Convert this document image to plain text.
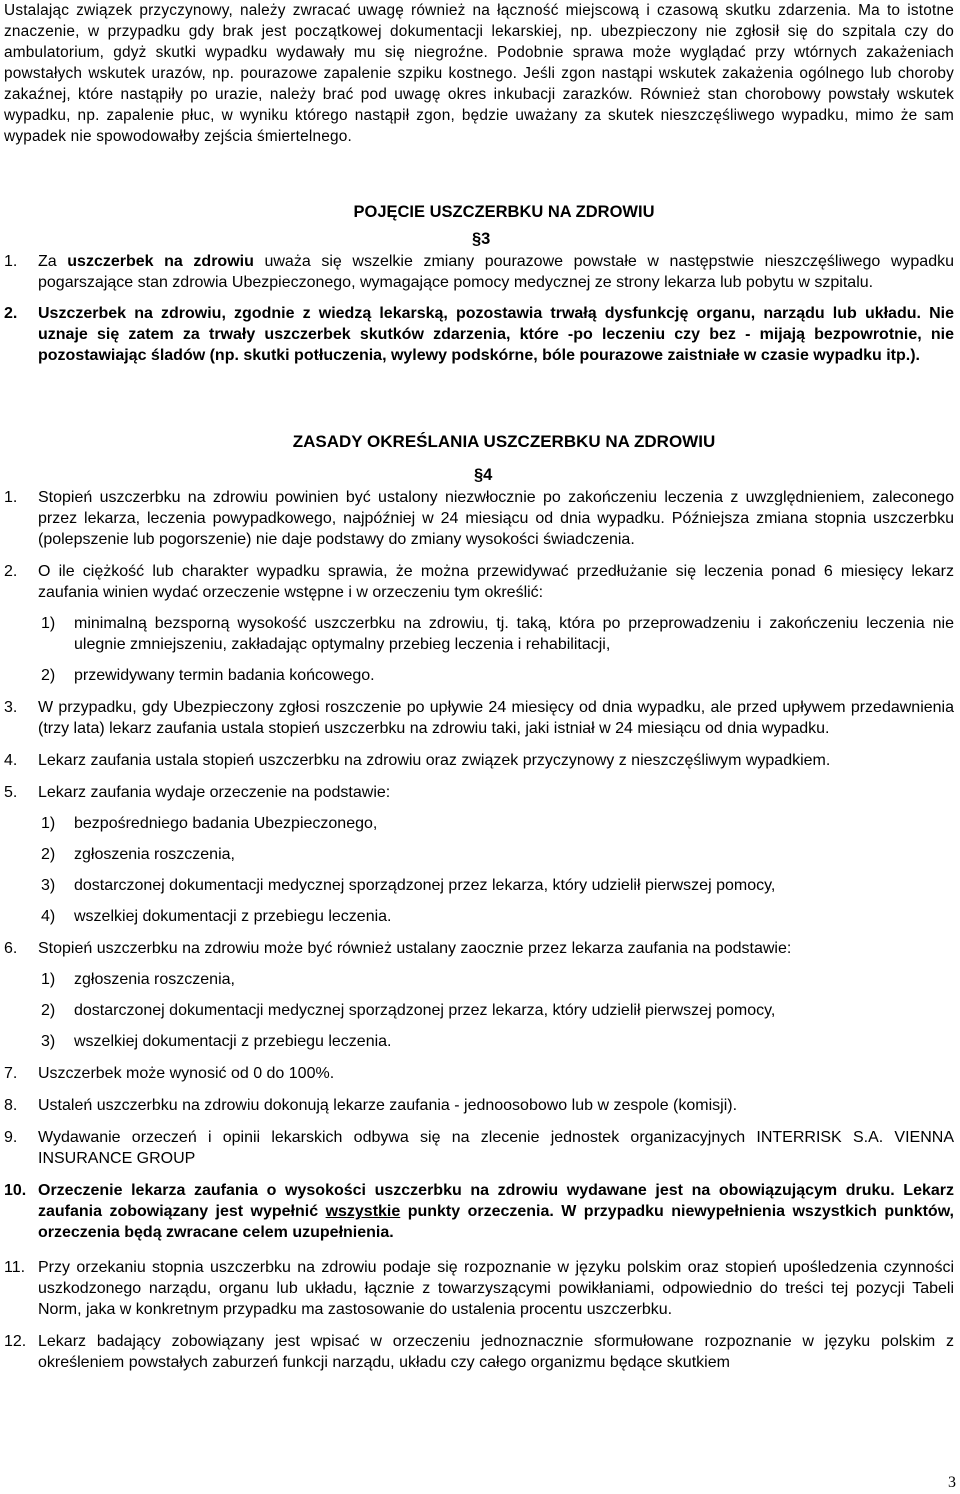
Ustalając związek przyczynowy, należy zwracać uwagę również na łączność miejscową i czasową skutku zdarzenia. Ma to istotne znaczenie, w przypadku gdy brak jest początkowej dokumentacji lekarskiej, np. ubezpieczony nie zgłosił się do szpitala czy do ambulatorium, gdyż skutki wypadku wydawały mu się niegroźne. Podobnie sprawa może wyglądać przy wtórnych zakażeniach powstałych wskutek urazów, np. pourazowe zapalenie szpiku kostnego. Jeśli zgon nastąpi wskutek zakażenia ogólnego lub choroby zakaźnej, które nastąpiły po urazie, należy brać pod uwagę okres inkubacji zarazków. Również stan chorobowy powstały wskutek wypadku, np. zapalenie płuc, w wyniku którego nastąpił zgon, będzie uważany za skutek nieszczęśliwego wypadku, mimo że sam wypadek nie spowodowałby zejścia śmiertelnego.

POJĘCIE USZCZERBKU NA ZDROWIU

§3

1. Za uszczerbek na zdrowiu uważa się wszelkie zmiany pourazowe powstałe w następstwie nieszczęśliwego wypadku pogarszające stan zdrowia Ubezpieczonego, wymagające pomocy medycznej ze strony lekarza lub pobytu w szpitalu.
2. Uszczerbek na zdrowiu, zgodnie z wiedzą lekarską, pozostawia trwałą dysfunkcję organu, narządu lub układu. Nie uznaje się zatem za trwały uszczerbek skutków zdarzenia, które -po leczeniu czy bez - mijają bezpowrotnie, nie pozostawiając śladów (np. skutki potłuczenia, wylewy podskórne, bóle pourazowe zaistniałe w czasie wypadku itp.).

ZASADY OKREŚLANIA USZCZERBKU NA ZDROWIU

§4

1. Stopień uszczerbku na zdrowiu powinien być ustalony niezwłocznie po zakończeniu leczenia z uwzględnieniem, zaleconego przez lekarza, leczenia powypadkowego, najpóźniej w 24 miesiącu od dnia wypadku. Późniejsza zmiana stopnia uszczerbku (polepszenie lub pogorszenie) nie daje podstawy do zmiany wysokości świadczenia.
2. O ile ciężkość lub charakter wypadku sprawia, że można przewidywać przedłużanie się leczenia ponad 6 miesięcy lekarz zaufania winien wydać orzeczenie wstępne i w orzeczeniu tym określić:
1) minimalną bezsporną wysokość uszczerbku na zdrowiu, tj. taką, która po przeprowadzeniu i zakończeniu leczenia nie ulegnie zmniejszeniu, zakładając optymalny przebieg leczenia i rehabilitacji,
2) przewidywany termin badania końcowego.
3. W przypadku, gdy Ubezpieczony zgłosi roszczenie po upływie 24 miesięcy od dnia wypadku, ale przed upływem przedawnienia (trzy lata) lekarz zaufania ustala stopień uszczerbku na zdrowiu taki, jaki istniał w 24 miesiącu od dnia wypadku.
4. Lekarz zaufania ustala stopień uszczerbku na zdrowiu oraz związek przyczynowy z nieszczęśliwym wypadkiem.
5. Lekarz zaufania wydaje orzeczenie na podstawie:
1) bezpośredniego badania Ubezpieczonego,
2) zgłoszenia roszczenia,
3) dostarczonej dokumentacji medycznej sporządzonej przez lekarza, który udzielił pierwszej pomocy,
4) wszelkiej dokumentacji z przebiegu leczenia.
6. Stopień uszczerbku na zdrowiu może być również ustalany zaocznie przez lekarza zaufania na podstawie:
1) zgłoszenia roszczenia,
2) dostarczonej dokumentacji medycznej sporządzonej przez lekarza, który udzielił pierwszej pomocy,
3) wszelkiej dokumentacji z przebiegu leczenia.
7. Uszczerbek może wynosić od 0 do 100%.
8. Ustaleń uszczerbku na zdrowiu dokonują lekarze zaufania - jednoosobowo lub w zespole (komisji).
9. Wydawanie orzeczeń i opinii lekarskich odbywa się na zlecenie jednostek organizacyjnych INTERRISK S.A. VIENNA INSURANCE GROUP
10. Orzeczenie lekarza zaufania o wysokości uszczerbku na zdrowiu wydawane jest na obowiązującym druku. Lekarz zaufania zobowiązany jest wypełnić wszystkie punkty orzeczenia. W przypadku niewypełnienia wszystkich punktów, orzeczenia będą zwracane celem uzupełnienia.
11. Przy orzekaniu stopnia uszczerbku na zdrowiu podaje się rozpoznanie w języku polskim oraz stopień upośledzenia czynności uszkodzonego narządu, organu lub układu, łącznie z towarzyszącymi powikłaniami, odpowiednio do treści tej pozycji Tabeli Norm, jaka w konkretnym przypadku ma zastosowanie do ustalenia procentu uszczerbku.
12. Lekarz badający zobowiązany jest wpisać w orzeczeniu jednoznacznie sformułowane rozpoznanie w języku polskim z określeniem powstałych zaburzeń funkcji narządu, układu czy całego organizmu będące skutkiem
3
